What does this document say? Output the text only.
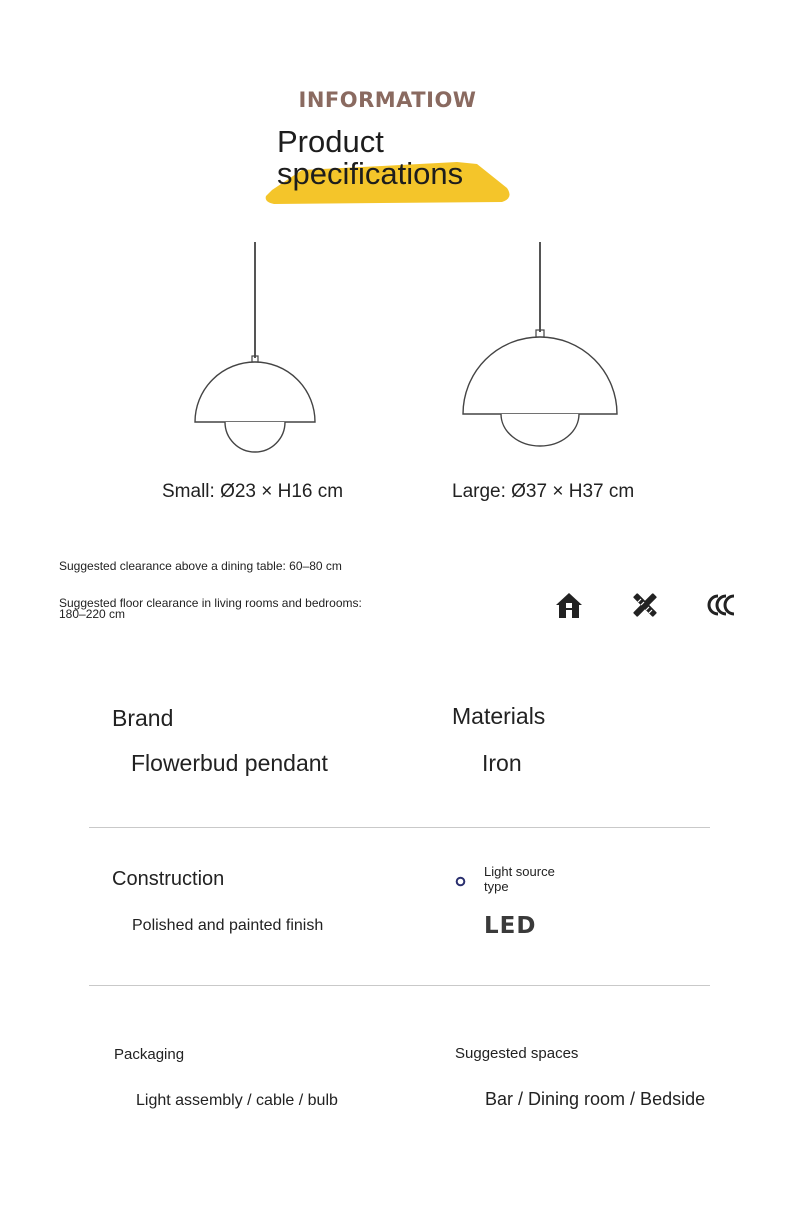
INFORMATIOW
Product
specifications
Small: Ø23 × H16 cm	Large: Ø37 × H37 cm
Suggested clearance above a dining table: 60–80 cm
Suggested floor clearance in living rooms and bedrooms: 180–220 cm
Brand
Flowerbud pendant
Materials
Iron
Construction
Polished and painted finish
Light source type
LED
Packaging
Light assembly / cable / bulb
Suggested spaces
Bar / Dining room / Bedside
